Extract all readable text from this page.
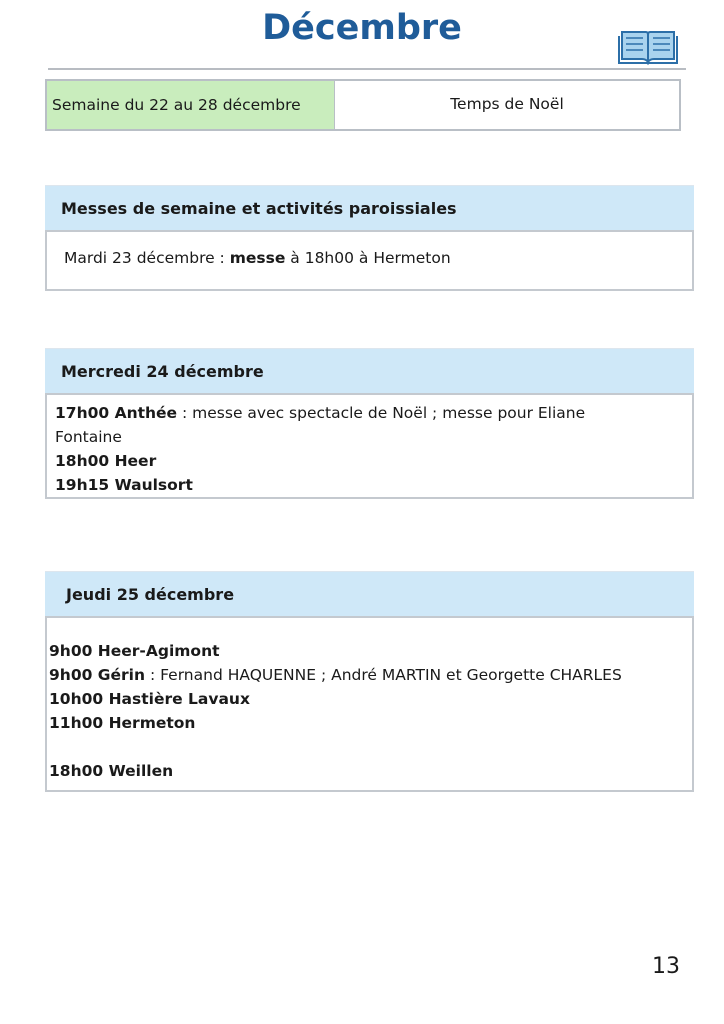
Décembre
Semaine du 22 au 28 décembre	Temps de Noël
Messes de semaine et activités paroissiales
Mardi 23 décembre : messe à 18h00 à Hermeton
Mercredi 24 décembre
17h00 Anthée : messe avec spectacle de Noël ; messe pour Eliane
Fontaine
18h00 Heer
19h15 Waulsort
Jeudi 25 décembre
9h00 Heer-Agimont
9h00 Gérin : Fernand HAQUENNE ; André MARTIN et Georgette CHARLES
10h00 Hastière Lavaux
11h00 Hermeton
18h00 Weillen
13
